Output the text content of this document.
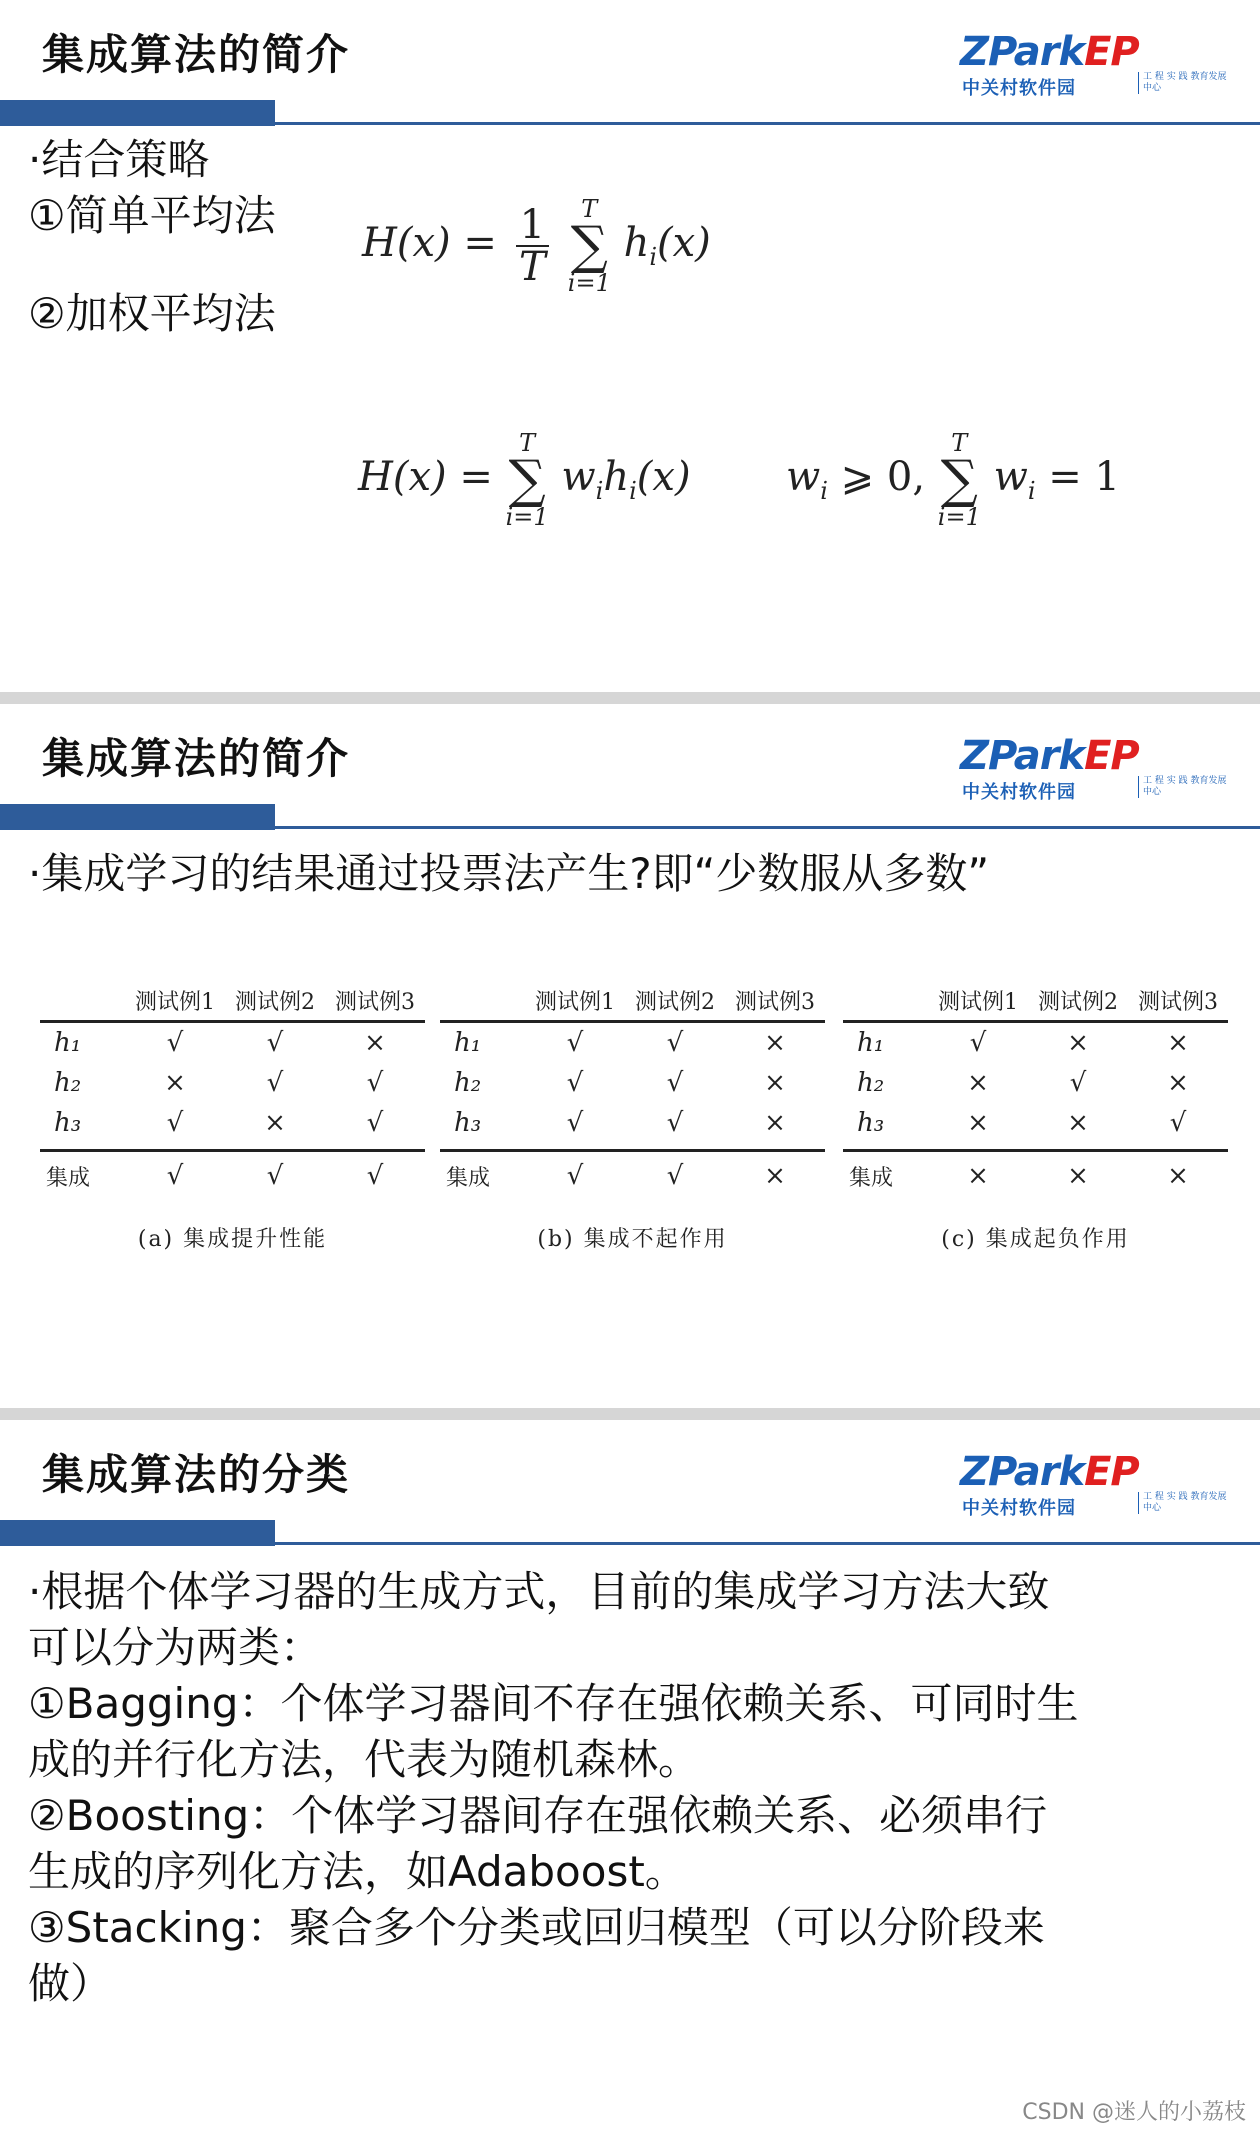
集成算法的简介	ZParkEP
中关村软件园
工 程 实 践 教育发展中心
·结合策略
①简单平均法
②加权平均法
$H(x) = \frac{1}{T}$
	T
∑
i=1
$h_i(x)$
H(x) =
T
∑
i=1
$w_ih_i(x)$ $w_i$ ⩾ 0,
T
∑
i=1
$w_i = 1$
集成算法的简介	ZParkEP
中关村软件园
工 程 实 践 教育发展中心
·集成学习的结果通过投票法产生?即“少数服从多数”
测试例1 测试例2 测试例3
h₁	√	√	×
h₂	×	√	√
h₃	√	×	√
集成	√	√	√
(a) 集成提升性能
测试例1 测试例2 测试例3
h₁	√	√	×
h₂	√	√	×
h₃	√	√	×
集成	√	√	×
(b) 集成不起作用
测试例1 测试例2 测试例3
h₁	√	×	×
h₂	×	√	×
h₃	×	×	√
集成	×	×	×
(c) 集成起负作用
集成算法的分类	ZParkEP
中关村软件园
工 程 实 践 教育发展中心
·根据个体学习器的生成方式，目前的集成学习方法大致
可以分为两类：
①Bagging：个体学习器间不存在强依赖关系、可同时生
成的并行化方法，代表为随机森林。
②Boosting：个体学习器间存在强依赖关系、必须串行
生成的序列化方法，如Adaboost。
③Stacking：聚合多个分类或回归模型（可以分阶段来
做）
CSDN @迷人的小荔枝
